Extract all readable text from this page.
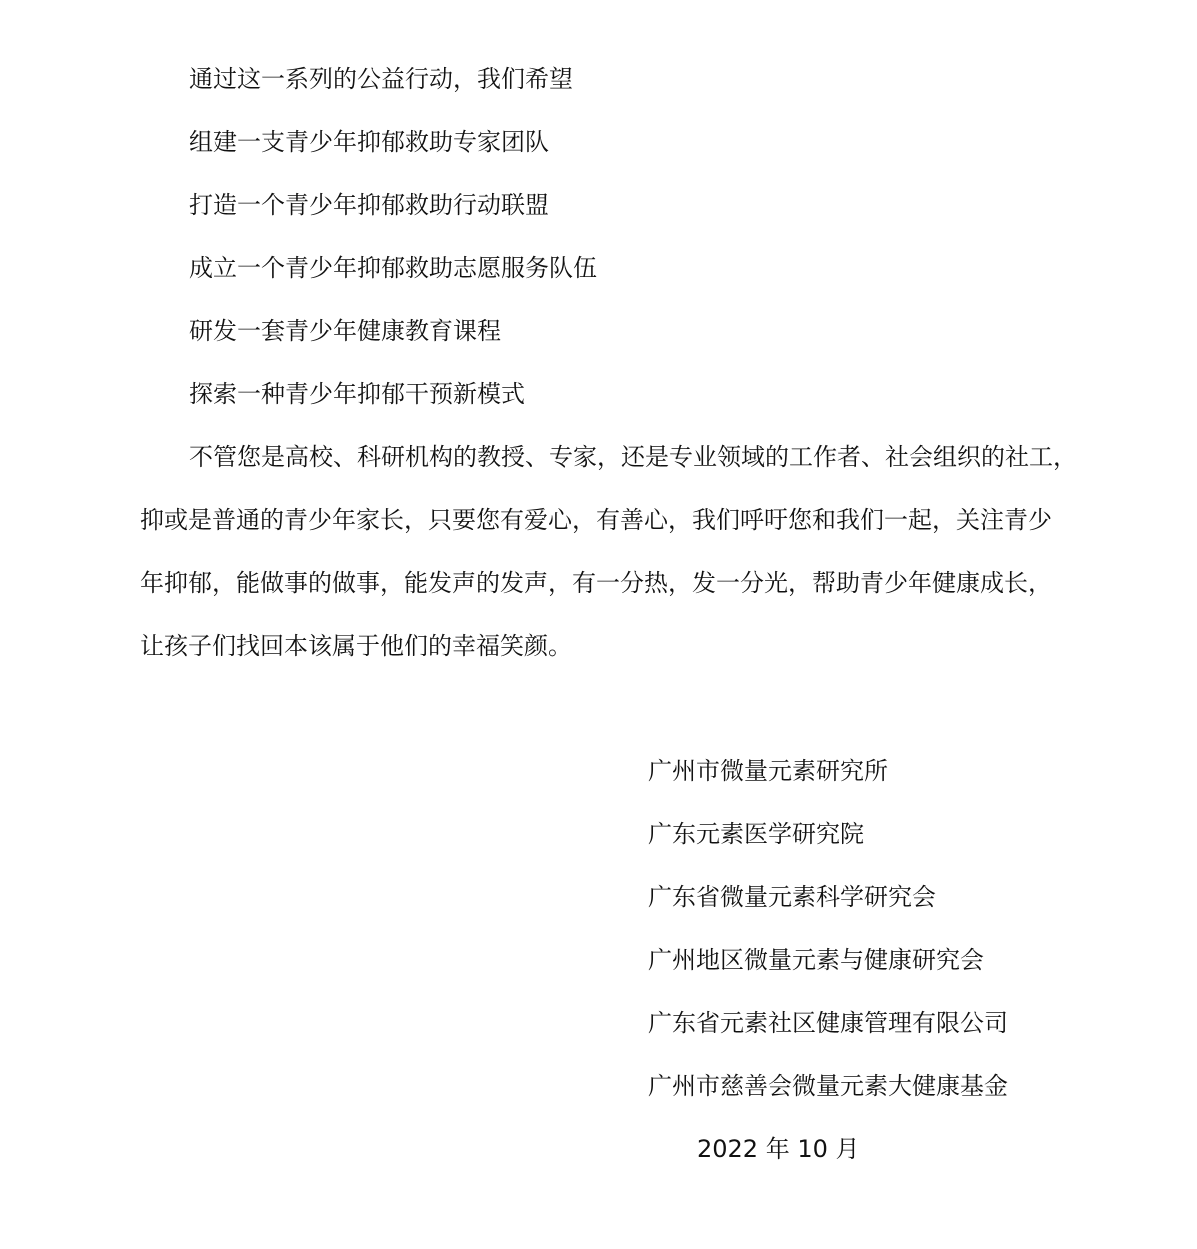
通过这一系列的公益行动，我们希望
组建一支青少年抑郁救助专家团队
打造一个青少年抑郁救助行动联盟
成立一个青少年抑郁救助志愿服务队伍
研发一套青少年健康教育课程
探索一种青少年抑郁干预新模式
不管您是高校、科研机构的教授、专家，还是专业领域的工作者、社会组织的社工，
抑或是普通的青少年家长，只要您有爱心，有善心，我们呼吁您和我们一起，关注青少
年抑郁，能做事的做事，能发声的发声，有一分热，发一分光，帮助青少年健康成长，
让孩子们找回本该属于他们的幸福笑颜。
广州市微量元素研究所
广东元素医学研究院
广东省微量元素科学研究会
广州地区微量元素与健康研究会
广东省元素社区健康管理有限公司
广州市慈善会微量元素大健康基金
2022 年 10 月
